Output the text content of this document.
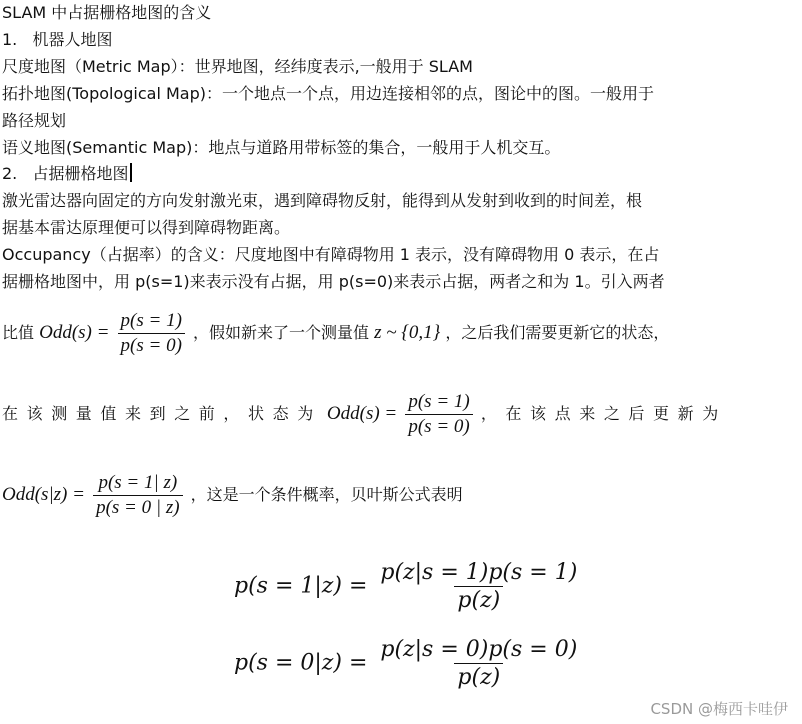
SLAM 中占据栅格地图的含义
1.   机器人地图
尺度地图（Metric Map）：世界地图，经纬度表示,一般用于 SLAM
拓扑地图(Topological Map)：一个地点一个点，用边连接相邻的点，图论中的图。一般用于
路径规划
语义地图(Semantic Map)：地点与道路用带标签的集合，一般用于人机交互。
2.   占据栅格地图
激光雷达器向固定的方向发射激光束，遇到障碍物反射，能得到从发射到收到的时间差，根
据基本雷达原理便可以得到障碍物距离。
Occupancy（占据率）的含义：尺度地图中有障碍物用 1 表示，没有障碍物用 0 表示，在占
据栅格地图中，用 p(s=1)来表示没有占据，用 p(s=0)来表示占据，两者之和为 1。引入两者
比值 $Odd(s) = \frac{p(s = 1)}{p(s = 0)}$ ，假如新来了一个测量值 z ~ {0,1} ，之后我们需要更新它的状态，
在该测量值来到之前，状态为 $Odd(s) = \frac{p(s = 1)}{p(s = 0)}$ ，在该点来之后更新为
$Odd(s|z) = \frac{p(s = 1| z)}{p(s = 0 | z)}$ ，这是一个条件概率，贝叶斯公式表明
$p(s = 1|z) = \frac{p(z|s = 1)p(s = 1)}{p(z)}$
$p(s = 0|z) = \frac{p(z|s = 0)p(s = 0)}{p(z)}$
CSDN @梅西卡哇伊
